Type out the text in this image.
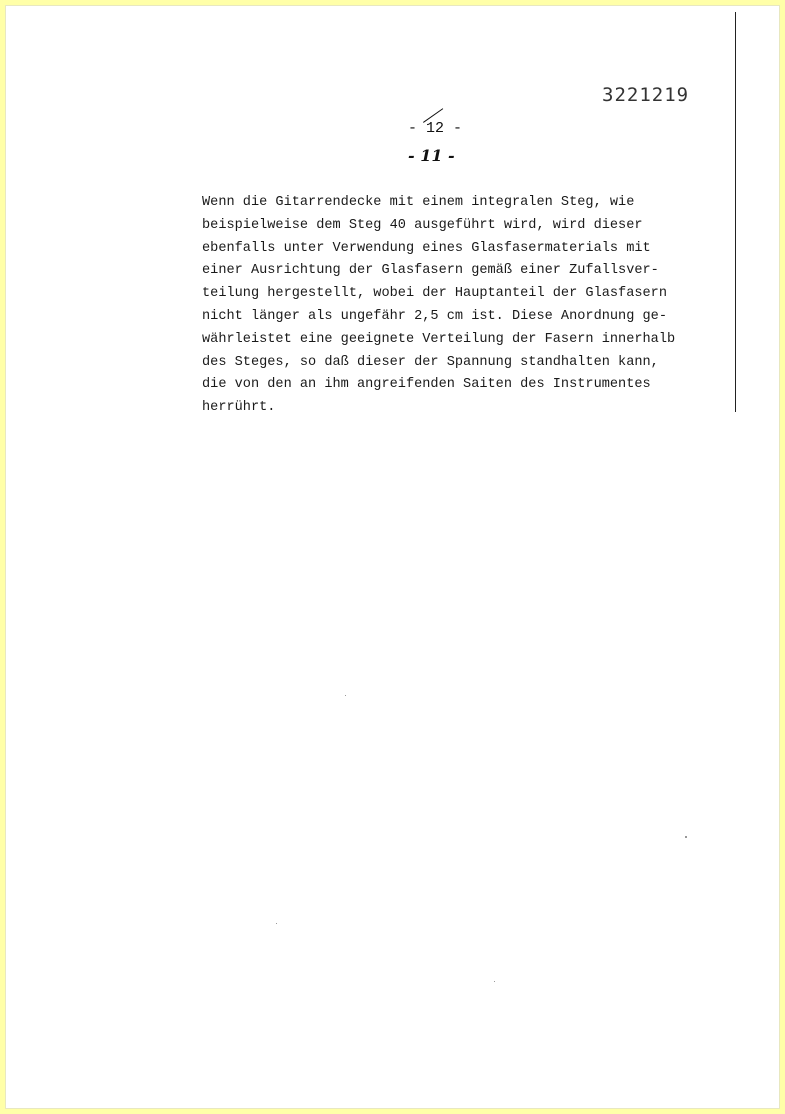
3221219
- 12 -
- 11 -
Wenn die Gitarrendecke mit einem integralen Steg, wie
beispielweise dem Steg 40 ausgeführt wird, wird dieser
ebenfalls unter Verwendung eines Glasfasermaterials mit
einer Ausrichtung der Glasfasern gemäß einer Zufallsver-
teilung hergestellt, wobei der Hauptanteil der Glasfasern
nicht länger als ungefähr 2,5 cm ist. Diese Anordnung ge-
währleistet eine geeignete Verteilung der Fasern innerhalb
des Steges, so daß dieser der Spannung standhalten kann,
die von den an ihm angreifenden Saiten des Instrumentes
herrührt.
